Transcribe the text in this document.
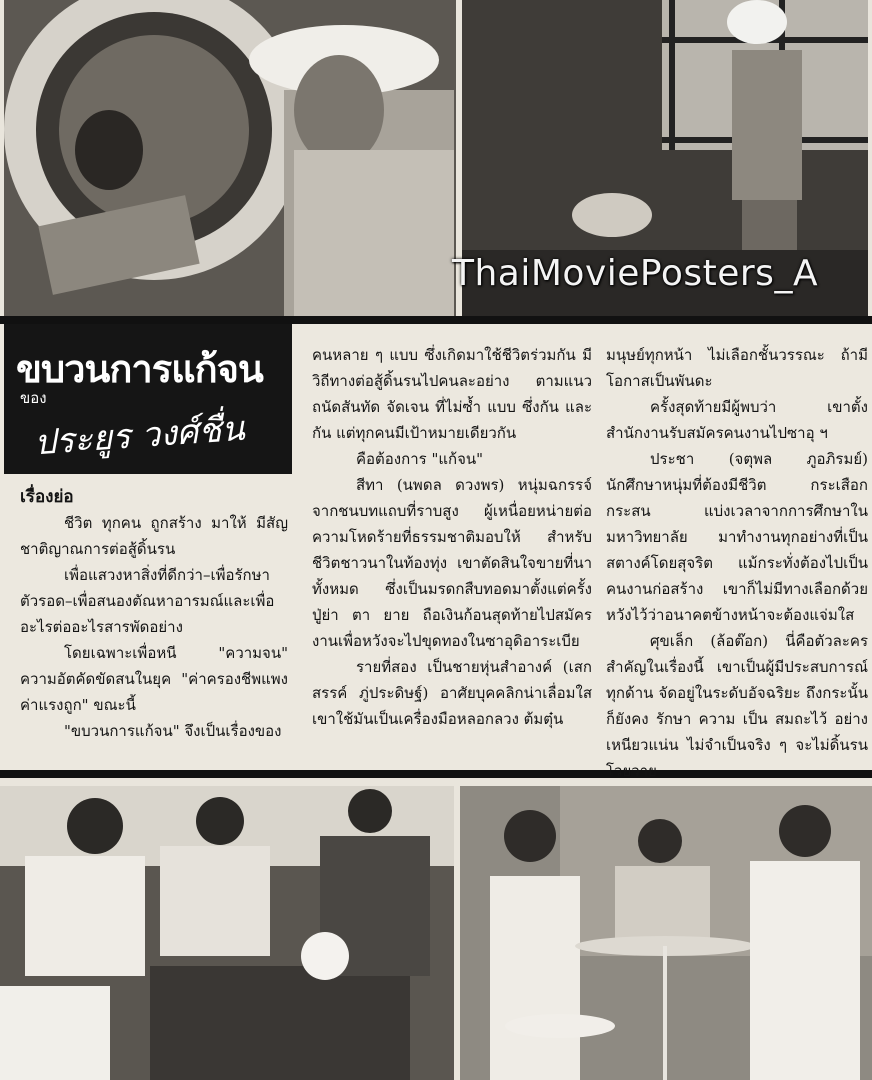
ThaiMoviePosters_A
ขบวนการแก้จน
ของ
ประยูร วงศ์ชื่น

เรื่องย่อ

ชีวิต ทุกคน ถูกสร้าง มาให้ มีสัญ ชาติญาณการต่อสู้ดิ้นรน

เพื่อแสวงหาสิ่งที่ดีกว่า–เพื่อรักษาตัวรอด–เพื่อสนองตัณหาอารมณ์และเพื่ออะไรต่ออะไรสารพัดอย่าง

โดยเฉพาะเพื่อหนี "ความจน" ความอัตคัดขัดสนในยุค "ค่าครองชีพแพง ค่าแรงถูก" ขณะนี้

"ขบวนการแก้จน" จึงเป็นเรื่องของ

คนหลาย ๆ แบบ ซึ่งเกิดมาใช้ชีวิตร่วมกัน มีวิถีทางต่อสู้ดิ้นรนไปคนละอย่าง ตามแนวถนัดสันทัด จัดเจน ที่ไม่ซ้ำ แบบ ซึ่งกัน และกัน แต่ทุกคนมีเป้าหมายเดียวกัน

คือต้องการ "แก้จน"

สีทา (นพดล ดวงพร) หนุ่มฉกรรจ์จากชนบทแถบที่ราบสูง ผู้เหนื่อยหน่ายต่อความโหดร้ายที่ธรรมชาติมอบให้ สำหรับชีวิตชาวนาในท้องทุ่ง เขาตัดสินใจขายที่นาทั้งหมด ซึ่งเป็นมรดกสืบทอดมาตั้งแต่ครั้งปู่ย่า ตา ยาย ถือเงินก้อนสุดท้ายไปสมัครงานเพื่อหวังจะไปขุดทองในซาอุดิอาระเบีย

รายที่สอง เป็นชายหุ่นสำอางค์ (เสกสรรค์ ภู่ประดิษฐ์) อาศัยบุคคลิกน่าเลื่อมใส เขาใช้มันเป็นเครื่องมือหลอกลวง ต้มตุ๋น

มนุษย์ทุกหน้า ไม่เลือกชั้นวรรณะ ถ้ามีโอกาสเป็นพันดะ

ครั้งสุดท้ายมีผู้พบว่า เขาตั้งสำนักงานรับสมัครคนงานไปซาอุ ฯ

ประชา (จตุพล ภูอภิรมย์) นักศึกษาหนุ่มที่ต้องมีชีวิต กระเสือก กระสน แบ่งเวลาจากการศึกษาในมหาวิทยาลัย มาทำงานทุกอย่างที่เป็นสตางค์โดยสุจริต แม้กระทั่งต้องไปเป็นคนงานก่อสร้าง เขาก็ไม่มีทางเลือกด้วยหวังไว้ว่าอนาคตข้างหน้าจะต้องแจ่มใส

ศุขเล็ก (ล้อต๊อก) นี่คือตัวละครสำคัญในเรื่องนี้ เขาเป็นผู้มีประสบการณ์ทุกด้าน จัดอยู่ในระดับอัจฉริยะ ถึงกระนั้นก็ยังคง รักษา ความ เป็น สมถะไว้ อย่าง เหนียวแน่น ไม่จำเป็นจริง ๆ จะไม่ดิ้นรนโวยวาย
